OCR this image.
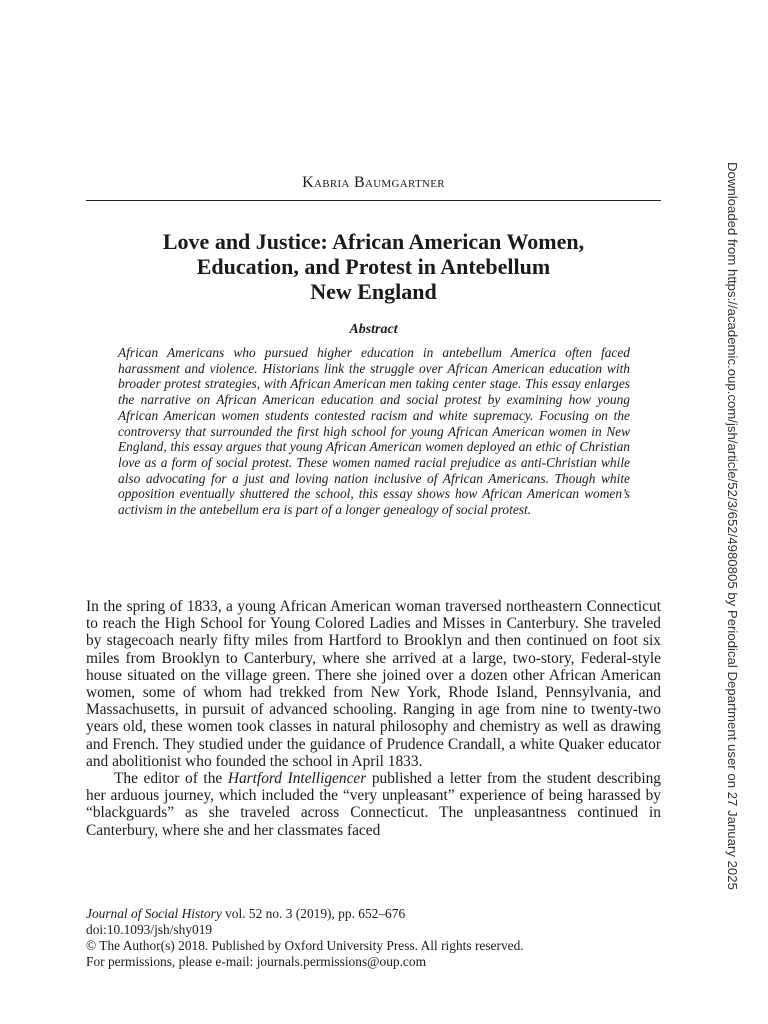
Kabria Baumgartner
Love and Justice: African American Women,
Education, and Protest in Antebellum
New England
Abstract
African Americans who pursued higher education in antebellum America often faced harassment and violence. Historians link the struggle over African American education with broader protest strategies, with African American men taking center stage. This essay enlarges the narrative on African American education and social protest by examining how young African American women students contested racism and white supremacy. Focusing on the controversy that surrounded the first high school for young African American women in New England, this essay argues that young African American women deployed an ethic of Christian love as a form of social protest. These women named racial prejudice as anti-Christian while also advocating for a just and loving nation inclusive of African Americans. Though white opposition eventually shuttered the school, this essay shows how African American women’s activism in the antebellum era is part of a longer genealogy of social protest.

In the spring of 1833, a young African American woman traversed northeastern Connecticut to reach the High School for Young Colored Ladies and Misses in Canterbury. She traveled by stagecoach nearly fifty miles from Hartford to Brooklyn and then continued on foot six miles from Brooklyn to Canterbury, where she arrived at a large, two-story, Federal-style house situated on the village green. There she joined over a dozen other African American women, some of whom had trekked from New York, Rhode Island, Pennsylvania, and Massachusetts, in pursuit of advanced schooling. Ranging in age from nine to twenty-two years old, these women took classes in natural philosophy and chemistry as well as drawing and French. They studied under the guidance of Prudence Crandall, a white Quaker educator and abolitionist who founded the school in April 1833.

The editor of the Hartford Intelligencer published a letter from the student describing her arduous journey, which included the “very unpleasant” experience of being harassed by “blackguards” as she traveled across Connecticut. The unpleasantness continued in Canterbury, where she and her classmates faced

Journal of Social History vol. 52 no. 3 (2019), pp. 652–676
doi:10.1093/jsh/shy019
© The Author(s) 2018. Published by Oxford University Press. All rights reserved.
For permissions, please e-mail: journals.permissions@oup.com
Downloaded from https://academic.oup.com/jsh/article/52/3/652/4980805 by Periodical Department user on 27 January 2025
